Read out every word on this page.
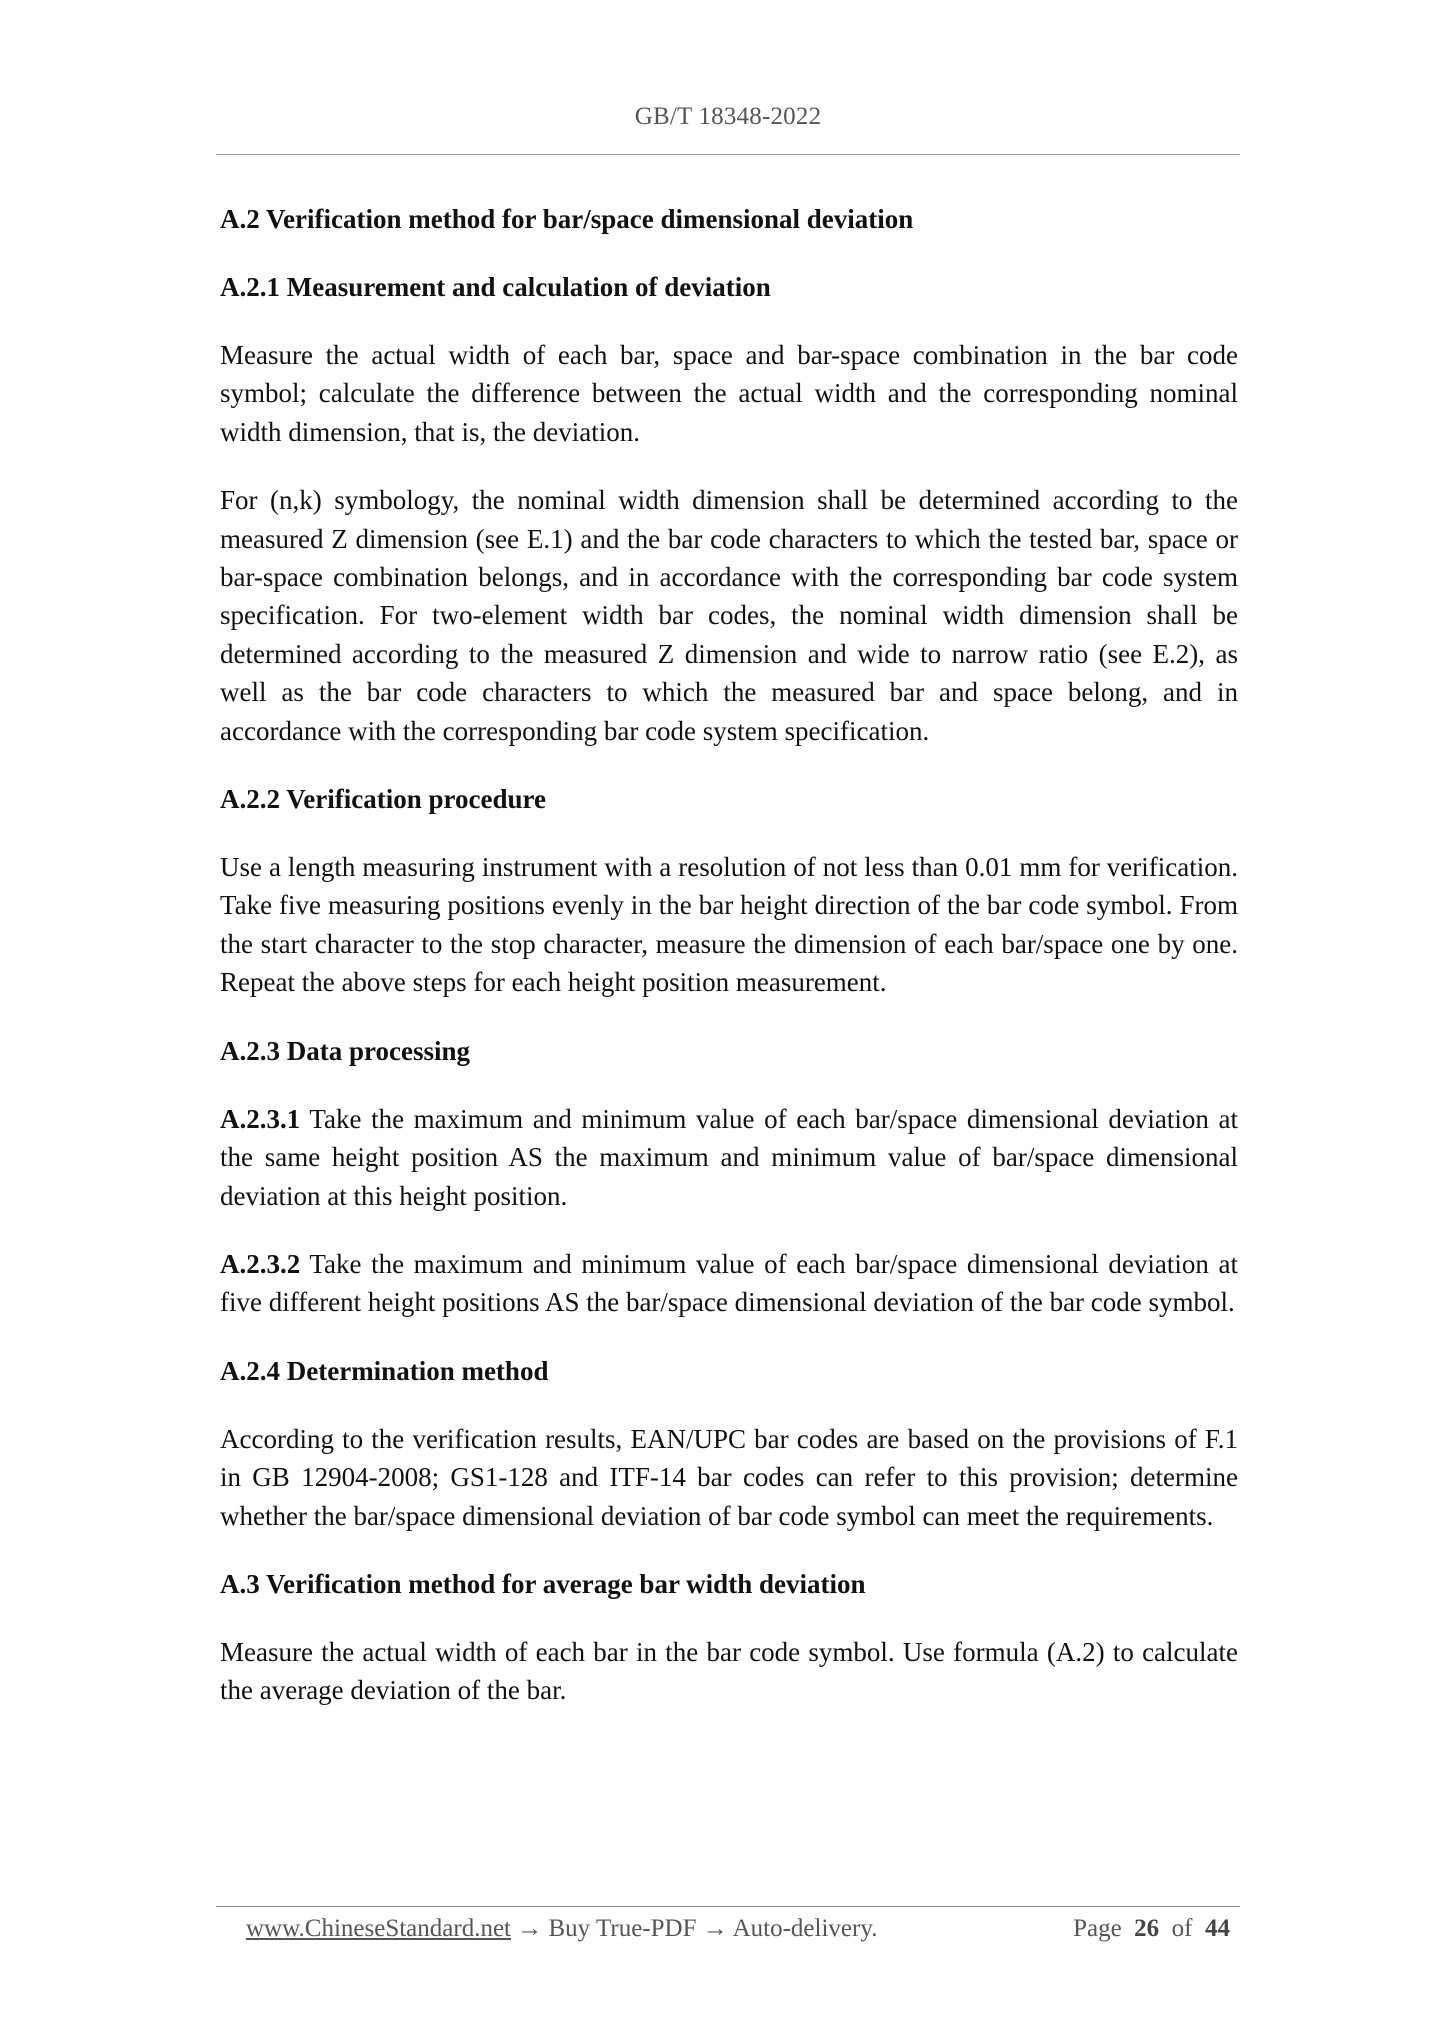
GB/T 18348-2022
A.2 Verification method for bar/space dimensional deviation
A.2.1 Measurement and calculation of deviation
Measure the actual width of each bar, space and bar-space combination in the bar code symbol; calculate the difference between the actual width and the corresponding nominal width dimension, that is, the deviation.
For (n,k) symbology, the nominal width dimension shall be determined according to the measured Z dimension (see E.1) and the bar code characters to which the tested bar, space or bar-space combination belongs, and in accordance with the corresponding bar code system specification. For two-element width bar codes, the nominal width dimension shall be determined according to the measured Z dimension and wide to narrow ratio (see E.2), as well as the bar code characters to which the measured bar and space belong, and in accordance with the corresponding bar code system specification.
A.2.2 Verification procedure
Use a length measuring instrument with a resolution of not less than 0.01 mm for verification. Take five measuring positions evenly in the bar height direction of the bar code symbol. From the start character to the stop character, measure the dimension of each bar/space one by one. Repeat the above steps for each height position measurement.
A.2.3 Data processing
A.2.3.1 Take the maximum and minimum value of each bar/space dimensional deviation at the same height position AS the maximum and minimum value of bar/space dimensional deviation at this height position.
A.2.3.2 Take the maximum and minimum value of each bar/space dimensional deviation at five different height positions AS the bar/space dimensional deviation of the bar code symbol.
A.2.4 Determination method
According to the verification results, EAN/UPC bar codes are based on the provisions of F.1 in GB 12904-2008; GS1-128 and ITF-14 bar codes can refer to this provision; determine whether the bar/space dimensional deviation of bar code symbol can meet the requirements.
A.3 Verification method for average bar width deviation
Measure the actual width of each bar in the bar code symbol. Use formula (A.2) to calculate the average deviation of the bar.
www.ChineseStandard.net → Buy True-PDF → Auto-delivery.	Page 26 of 44
